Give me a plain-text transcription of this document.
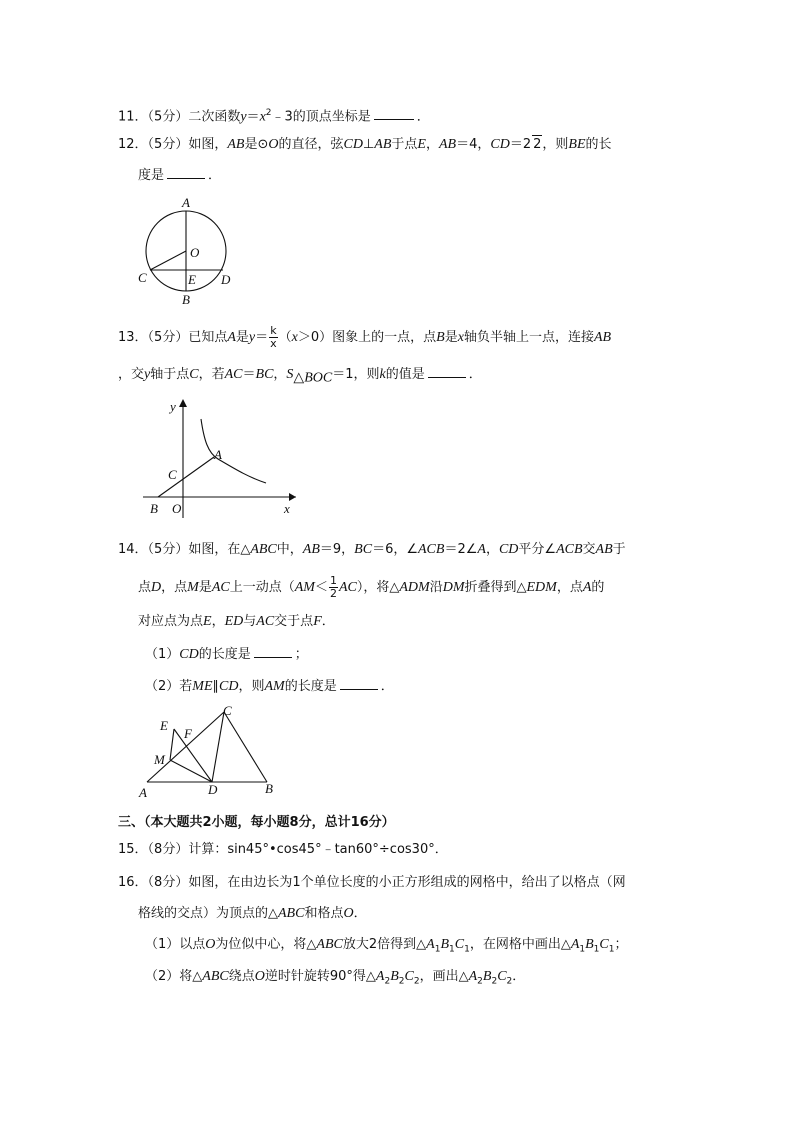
11．（5分）二次函数$y=x^2﹣3$的顶点坐标是	．
12．（5分）如图，AB是⊙O的直径，弦CD⊥AB于点E，AB＝4，CD＝2 2，则BE的长
度是	．
A
O
C	E D
B
13．（5分）已知点A是$y= \frac{k}{x} (x>0)$图象上的一点，点B是x轴负半轴上一点，连接AB
，交y轴于点C，若AC＝BC，$S_{\triangle BOC}=1$，则k的值是	．
y
A
C
B O	x
14．（5分）如图，在△ABC中，AB＝9，BC＝6，∠ACB＝2∠A，CD平分∠ACB交AB于
点D，点M是AC上一动点$(AM< \frac{1}{2} AC)$，将△ADM沿DM折叠得到△EDM，点A的
对应点为点E，ED与AC交于点F．
（1）CD的长度是	；
（2）若ME∥CD，则AM的长度是	．
E
C
F
M
A	D	B
三、（本大题共2小题，每小题8分，总计16分）
15．（8分）计算：sin45°•cos45°﹣tan60°÷cos30°．
16．（8分）如图，在由边长为1个单位长度的小正方形组成的网格中，给出了以格点（网
格线的交点）为顶点的△ABC和格点O．
（1）以点O为位似中心，将△ABC放大2倍得到$\triangle A_1B_1C_1$，在网格中画出$\triangle A_1B_1C_1$；
（2）将△ABC绕点O逆时针旋转90°得$\triangle A_2B_2C_2$，画出$\triangle A_2B_2C_2$．
